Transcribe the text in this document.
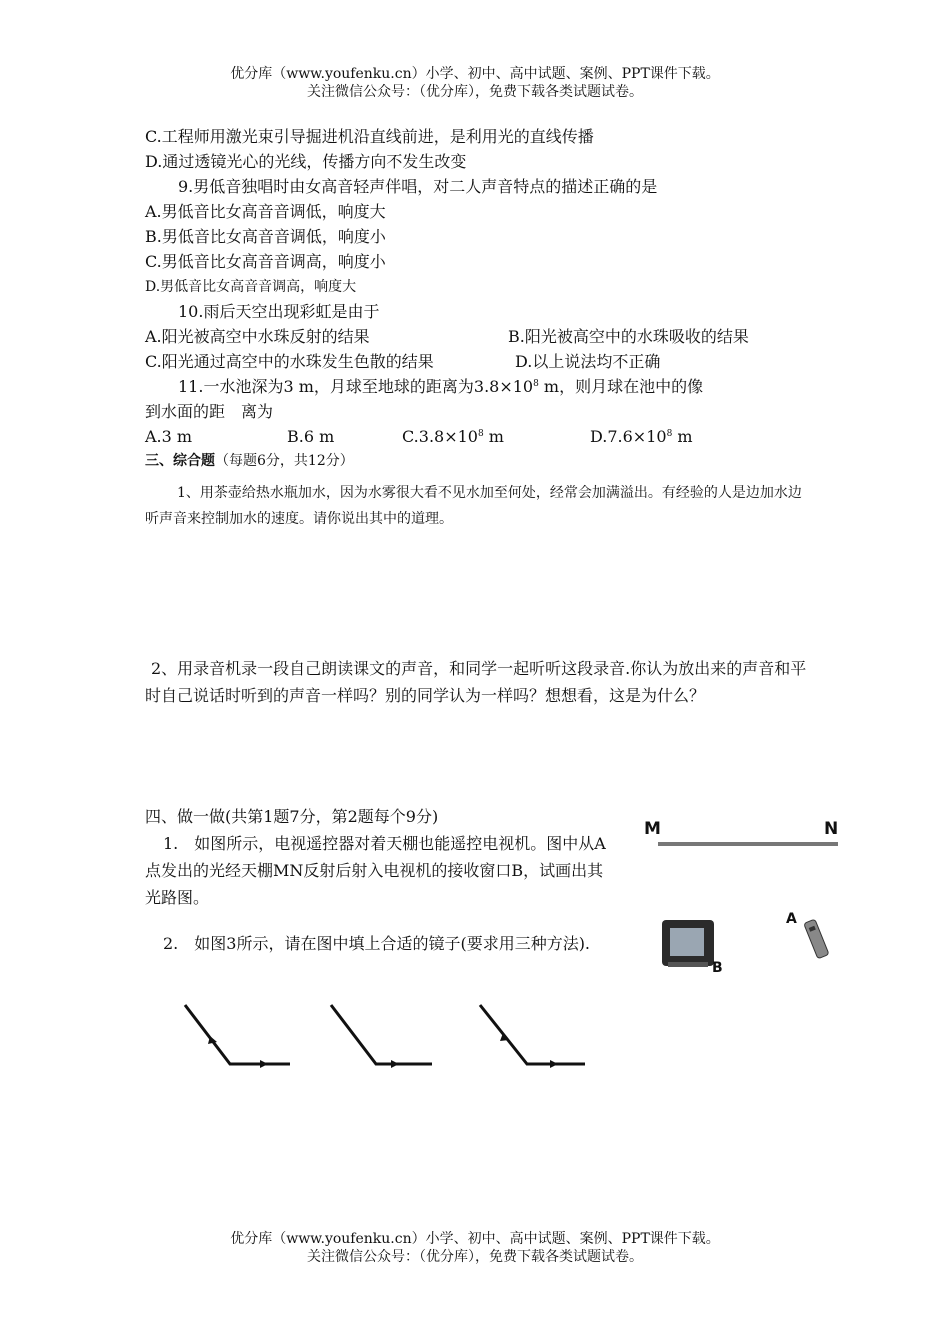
优分库（www.youfenku.cn）小学、初中、高中试题、案例、PPT课件下载。
关注微信公众号：（优分库），免费下载各类试题试卷。
C.工程师用激光束引导掘进机沿直线前进，是利用光的直线传播
D.通过透镜光心的光线，传播方向不发生改变
9.男低音独唱时由女高音轻声伴唱，对二人声音特点的描述正确的是
A.男低音比女高音音调低，响度大
B.男低音比女高音音调低，响度小
C.男低音比女高音音调高，响度小
D.男低音比女高音音调高，响度大
10.雨后天空出现彩虹是由于
A.阳光被高空中水珠反射的结果	B.阳光被高空中的水珠吸收的结果
C.阳光通过高空中的水珠发生色散的结果	D.以上说法均不正确
11.一水池深为3 m，月球至地球的距离为$3.8\times 10^8$ m，则月球在池中的像
到水面的距　离为
A.3 m	B.6 m	$C.3.8\times 10^8$ m	$D.7.6\times 10^8$ m
三、综合题（每题6分，共12分）
1、用茶壶给热水瓶加水，因为水雾很大看不见水加至何处，经常会加满溢出。有经验的人是边加水边听声音来控制加水的速度。请你说出其中的道理。
2、用录音机录一段自己朗读课文的声音，和同学一起听听这段录音.你认为放出来的声音和平时自己说话时听到的声音一样吗？别的同学认为一样吗？想想看，这是为什么？
四、做一做(共第1题7分，第2题每个9分)
1.　如图所示，电视遥控器对着天棚也能遥控电视机。图中从A点发出的光经天棚MN反射后射入电视机的接收窗口B，试画出其光路图。
2.　如图3所示，请在图中填上合适的镜子(要求用三种方法).
M	N
B
A
优分库（www.youfenku.cn）小学、初中、高中试题、案例、PPT课件下载。
关注微信公众号：（优分库），免费下载各类试题试卷。
